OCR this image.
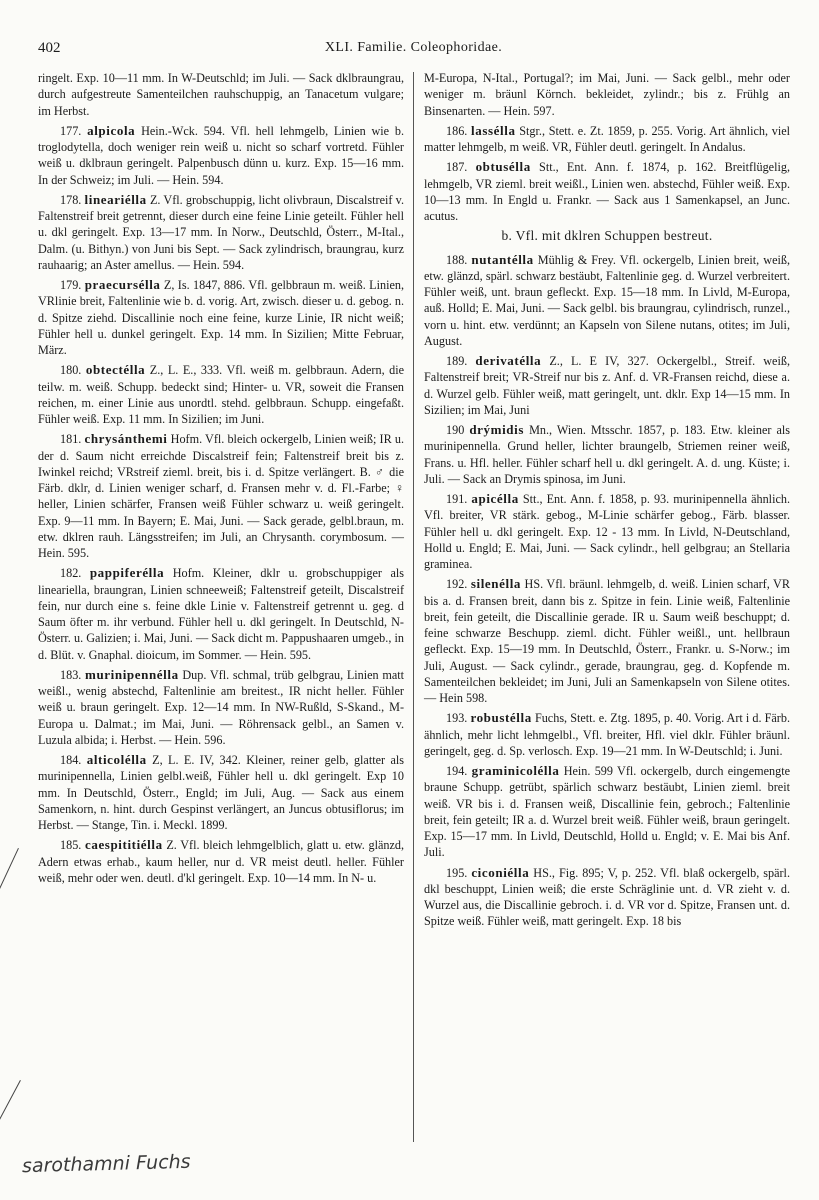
402	XLI. Familie. Coleophoridae.

ringelt. Exp. 10—11 mm. In W-Deutschld; im Juli. — Sack dklbraungrau, durch aufgestreute Samenteilchen rauhschuppig, an Tanacetum vulgare; im Herbst.

177. alpicola Hein.-Wck. 594. Vfl. hell lehmgelb, Linien wie b. troglodytella, doch weniger rein weiß u. nicht so scharf vortretd. Fühler weiß u. dklbraun geringelt. Palpenbusch dünn u. kurz. Exp. 15—16 mm. In der Schweiz; im Juli. — Hein. 594.

178. lineariélla Z. Vfl. grobschuppig, licht olivbraun, Discalstreif v. Faltenstreif breit getrennt, dieser durch eine feine Linie geteilt. Fühler hell u. dkl geringelt. Exp. 13—17 mm. In Norw., Deutschld, Österr., M-Ital., Dalm. (u. Bithyn.) von Juni bis Sept. — Sack zylindrisch, braungrau, kurz rauhaarig; an Aster amellus. — Hein. 594.

179. praecursélla Z, Is. 1847, 886. Vfl. gelbbraun m. weiß. Linien, VRlinie breit, Faltenlinie wie b. d. vorig. Art, zwisch. dieser u. d. gebog. n. d. Spitze ziehd. Discallinie noch eine feine, kurze Linie, IR nicht weiß; Fühler hell u. dunkel geringelt. Exp. 14 mm. In Sizilien; Mitte Februar, März.

180. obtectélla Z., L. E., 333. Vfl. weiß m. gelbbraun. Adern, die teilw. m. weiß. Schupp. bedeckt sind; Hinter- u. VR, soweit die Fransen reichen, m. einer Linie aus unordtl. stehd. gelbbraun. Schupp. eingefaßt. Fühler weiß. Exp. 11 mm. In Sizilien; im Juni.

181. chrysánthemi Hofm. Vfl. bleich ockergelb, Linien weiß; IR u. der d. Saum nicht erreichde Discalstreif fein; Faltenstreif breit bis z. Iwinkel reichd; VRstreif zieml. breit, bis i. d. Spitze verlängert. B. ♂ die Färb. dklr, d. Linien weniger scharf, d. Fransen mehr v. d. Fl.-Farbe; ♀ heller, Linien schärfer, Fransen weiß Fühler schwarz u. weiß geringelt. Exp. 9—11 mm. In Bayern; E. Mai, Juni. — Sack gerade, gelbl.braun, m. etw. dklren rauh. Längsstreifen; im Juli, an Chrysanth. corymbosum. — Hein. 595.

182. pappiferélla Hofm. Kleiner, dklr u. grobschuppiger als lineariella, braungran, Linien schneeweiß; Faltenstreif geteilt, Discalstreif fein, nur durch eine s. feine dkle Linie v. Faltenstreif getrennt u. geg. d Saum öfter m. ihr verbund. Fühler hell u. dkl geringelt. In Deutschld, N-Österr. u. Galizien; i. Mai, Juni. — Sack dicht m. Pappushaaren umgeb., in d. Blüt. v. Gnaphal. dioicum, im Sommer. — Hein. 595.

183. murinipennélla Dup. Vfl. schmal, trüb gelbgrau, Linien matt weißl., wenig abstechd, Faltenlinie am breitest., IR nicht heller. Fühler weiß u. braun geringelt. Exp. 12—14 mm. In NW-Rußld, S-Skand., M-Europa u. Dalmat.; im Mai, Juni. — Röhrensack gelbl., an Samen v. Luzula albida; i. Herbst. — Hein. 596.

184. alticolélla Z, L. E. IV, 342. Kleiner, reiner gelb, glatter als murinipennella, Linien gelbl.weiß, Fühler hell u. dkl geringelt. Exp 10 mm. In Deutschld, Österr., Engld; im Juli, Aug. — Sack aus einem Samenkorn, n. hint. durch Gespinst verlängert, an Juncus obtusiflorus; im Herbst. — Stange, Tin. i. Meckl. 1899.

185. caespititiélla Z. Vfl. bleich lehmgelblich, glatt u. etw. glänzd, Adern etwas erhab., kaum heller, nur d. VR meist deutl. heller. Fühler weiß, mehr oder wen. deutl. d'kl geringelt. Exp. 10—14 mm. In N- u.

M-Europa, N-Ital., Portugal?; im Mai, Juni. — Sack gelbl., mehr oder weniger m. bräunl Körnch. bekleidet, zylindr.; bis z. Frühlg an Binsenarten. — Hein. 597.

186. lassélla Stgr., Stett. e. Zt. 1859, p. 255. Vorig. Art ähnlich, viel matter lehmgelb, m weiß. VR, Fühler deutl. geringelt. In Andalus.

187. obtusélla Stt., Ent. Ann. f. 1874, p. 162. Breitflügelig, lehmgelb, VR zieml. breit weißl., Linien wen. abstechd, Fühler weiß. Exp. 10—13 mm. In Engld u. Frankr. — Sack aus 1 Samenkapsel, an Junc. acutus.

b. Vfl. mit dklren Schuppen bestreut.

188. nutantélla Mühlig & Frey. Vfl. ockergelb, Linien breit, weiß, etw. glänzd, spärl. schwarz bestäubt, Faltenlinie geg. d. Wurzel verbreitert. Fühler weiß, unt. braun gefleckt. Exp. 15—18 mm. In Livld, M-Europa, auß. Holld; E. Mai, Juni. — Sack gelbl. bis braungrau, cylindrisch, runzel., vorn u. hint. etw. verdünnt; an Kapseln von Silene nutans, otites; im Juli, August.

189. derivatélla Z., L. E IV, 327. Ockergelbl., Streif. weiß, Faltenstreif breit; VR-Streif nur bis z. Anf. d. VR-Fransen reichd, diese a. d. Wurzel gelb. Fühler weiß, matt geringelt, unt. dklr. Exp 14—15 mm. In Sizilien; im Mai, Juni

190 drýmidis Mn., Wien. Mtsschr. 1857, p. 183. Etw. kleiner als murinipennella. Grund heller, lichter braungelb, Striemen reiner weiß, Frans. u. Hfl. heller. Fühler scharf hell u. dkl geringelt. A. d. ung. Küste; i. Juli. — Sack an Drymis spinosa, im Juni.

191. apicélla Stt., Ent. Ann. f. 1858, p. 93. murinipennella ähnlich. Vfl. breiter, VR stärk. gebog., M-Linie schärfer gebog., Färb. blasser. Fühler hell u. dkl geringelt. Exp. 12 - 13 mm. In Livld, N-Deutschland, Holld u. Engld; E. Mai, Juni. — Sack cylindr., hell gelbgrau; an Stellaria graminea.

192. silenélla HS. Vfl. bräunl. lehmgelb, d. weiß. Linien scharf, VR bis a. d. Fransen breit, dann bis z. Spitze in fein. Linie weiß, Faltenlinie breit, fein geteilt, die Discallinie gerade. IR u. Saum weiß beschuppt; d. feine schwarze Beschupp. zieml. dicht. Fühler weißl., unt. hellbraun gefleckt. Exp. 15—19 mm. In Deutschld, Österr., Frankr. u. S-Norw.; im Juli, August. — Sack cylindr., gerade, braungrau, geg. d. Kopfende m. Samenteilchen bekleidet; im Juni, Juli an Samenkapseln von Silene otites. — Hein 598.

193. robustélla Fuchs, Stett. e. Ztg. 1895, p. 40. Vorig. Art i d. Färb. ähnlich, mehr licht lehmgelbl., Vfl. breiter, Hfl. viel dklr. Fühler bräunl. geringelt, geg. d. Sp. verlosch. Exp. 19—21 mm. In W-Deutschld; i. Juni.

194. graminicolélla Hein. 599 Vfl. ockergelb, durch eingemengte braune Schupp. getrübt, spärlich schwarz bestäubt, Linien zieml. breit weiß. VR bis i. d. Fransen weiß, Discallinie fein, gebroch.; Faltenlinie breit, fein geteilt; IR a. d. Wurzel breit weiß. Fühler weiß, braun geringelt. Exp. 15—17 mm. In Livld, Deutschld, Holld u. Engld; v. E. Mai bis Anf. Juli.

195. ciconiélla HS., Fig. 895; V, p. 252. Vfl. blaß ockergelb, spärl. dkl beschuppt, Linien weiß; die erste Schräglinie unt. d. VR zieht v. d. Wurzel aus, die Discallinie gebroch. i. d. VR vor d. Spitze, Fransen unt. d. Spitze weiß. Fühler weiß, matt geringelt. Exp. 18 bis

sarothamni Fuchs
